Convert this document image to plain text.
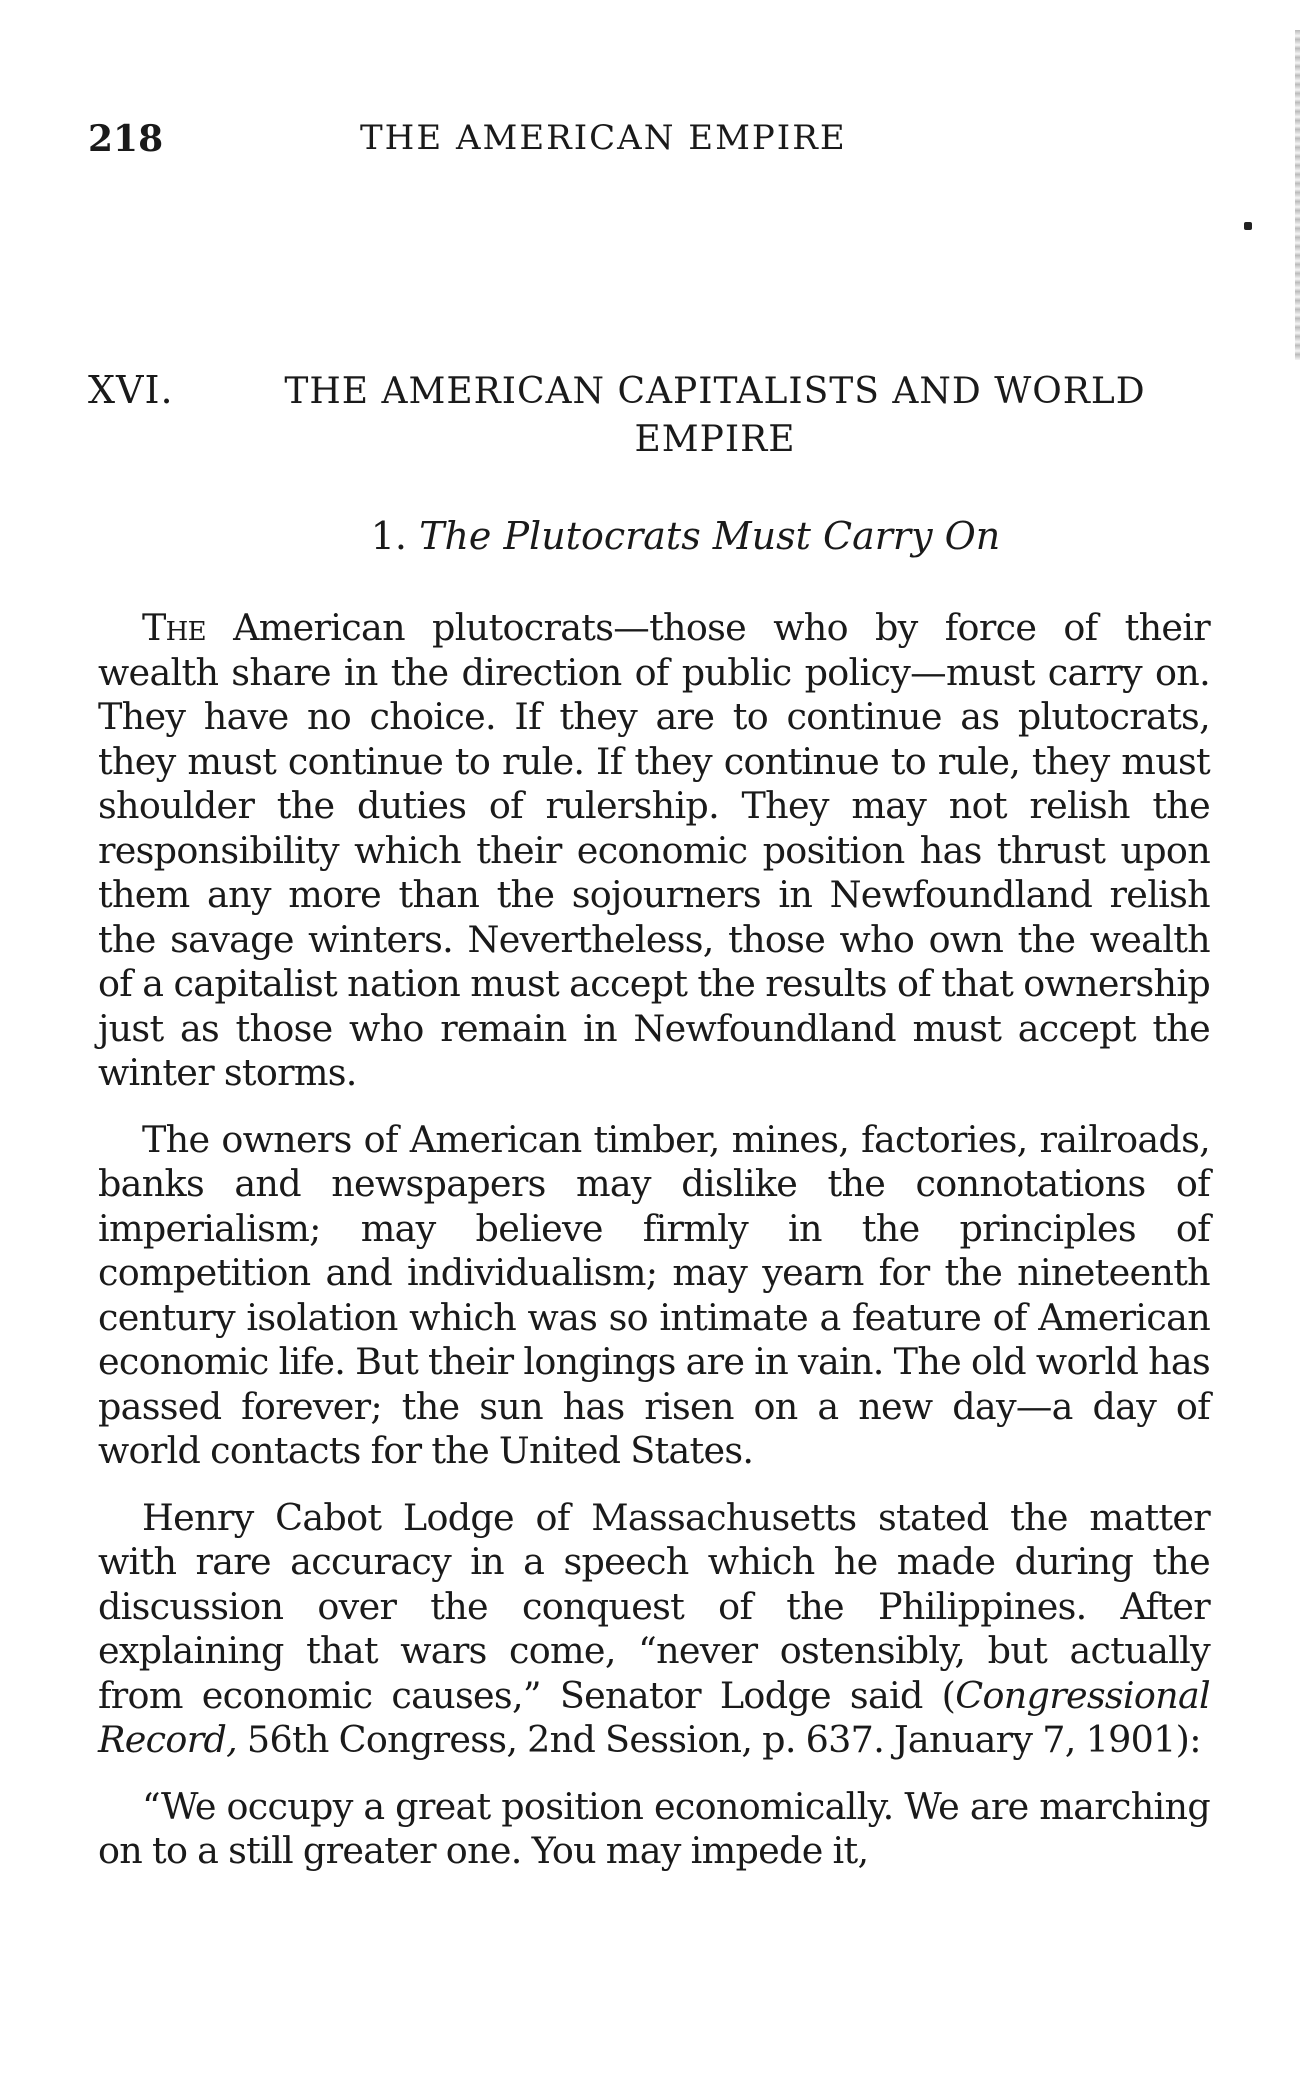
218	THE AMERICAN EMPIRE
XVI.	THE AMERICAN CAPITALISTS AND WORLD EMPIRE
1. The Plutocrats Must Carry On

The American plutocrats—those who by force of their wealth share in the direction of public policy—must carry on. They have no choice. If they are to continue as plutocrats, they must continue to rule. If they continue to rule, they must shoulder the duties of rulership. They may not relish the responsibility which their economic position has thrust upon them any more than the sojourners in Newfoundland relish the savage winters. Nevertheless, those who own the wealth of a capitalist nation must accept the results of that ownership just as those who remain in Newfoundland must accept the winter storms.

The owners of American timber, mines, factories, railroads, banks and newspapers may dislike the connotations of imperialism; may believe firmly in the principles of competition and individualism; may yearn for the nineteenth century isolation which was so intimate a feature of American economic life. But their longings are in vain. The old world has passed forever; the sun has risen on a new day—a day of world contacts for the United States.

Henry Cabot Lodge of Massachusetts stated the matter with rare accuracy in a speech which he made during the discussion over the conquest of the Philippines. After explaining that wars come, “never ostensibly, but actually from economic causes,” Senator Lodge said (Congressional Record, 56th Congress, 2nd Session, p. 637. January 7, 1901):

“We occupy a great position economically. We are marching on to a still greater one. You may impede it,
